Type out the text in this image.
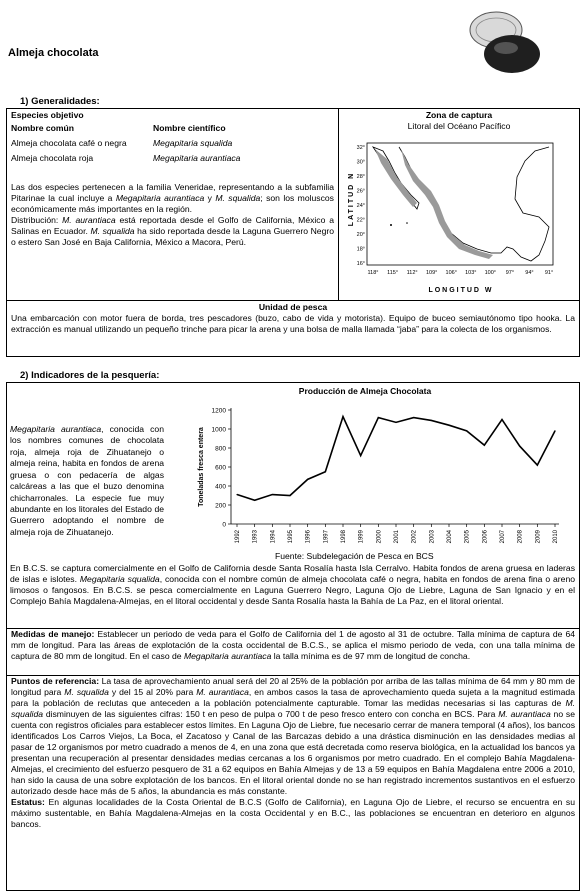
Almeja chocolata
1) Generalidades:
Especies objetivo
Nombre común	Nombre científico
Almeja chocolata café o negra	Megapitaria squalida
Almeja chocolata roja	Megapitaria aurantiaca

Las dos especies pertenecen a la familia Veneridae, representando a la subfamilia Pitarinae la cual incluye a Megapitaria aurantiaca y M. squalida; son los moluscos económicamente más importantes en la región.

Distribución: M. aurantiaca está reportada desde el Golfo de California, México a Salinas en Ecuador. M. squalida ha sido reportada desde la Laguna Guerrero Negro o estero San José en Baja California, México a Macora, Perú.

Zona de captura
Litoral del Océano Pacífico
LATITUD N
32°
30°
28°
26°
24°
22°
20°
18°
16°
118° 115° 112° 109° 106° 103° 100° 97° 94° 91°
LONGITUD W
Unidad de pesca
Una embarcación con motor fuera de borda, tres pescadores (buzo, cabo de vida y motorista). Equipo de buceo semiautónomo tipo hooka. La extracción es manual utilizando un pequeño trinche para picar la arena y una bolsa de malla llamada “jaba” para la colecta de los organismos.
2) Indicadores de la pesquería:

Megapitaria aurantiaca, conocida con los nombres comunes de chocolata roja, almeja roja de Zihuatanejo o almeja reina, habita en fondos de arena gruesa o con pedacería de algas calcáreas a las que el buzo denomina chicharronales. La especie fue muy abundante en los litorales del Estado de Guerrero adoptando el nombre de almeja roja de Zihuatanejo.

Producción de Almeja Chocolata
Toneladas fresca entera
0
200
400
600
800
1000
1200
1992 1993 1994 1995 1996 1997 1998 1999 2000 2001 2002 2003 2004 2005 2006 2007 2008 2009 2010
Fuente: Subdelegación de Pesca en BCS

En B.C.S. se captura comercialmente en el Golfo de California desde Santa Rosalía hasta Isla Cerralvo. Habita fondos de arena gruesa en laderas de islas e islotes. Megapitaria squalida, conocida con el nombre común de almeja chocolata café o negra, habita en fondos de arena fina o areno limosos o fangosos. En B.C.S. se pesca comercialmente en Laguna Guerrero Negro, Laguna Ojo de Liebre, Laguna de San Ignacio y en el Complejo Bahía Magdalena-Almejas, en el litoral occidental y desde Santa Rosalía hasta la Bahía de La Paz, en el litoral oriental.

Medidas de manejo: Establecer un periodo de veda para el Golfo de California del 1 de agosto al 31 de octubre. Talla mínima de captura de 64 mm de longitud. Para las áreas de explotación de la costa occidental de B.C.S., se aplica el mismo periodo de veda, con una talla mínima de captura de 80 mm de longitud. En el caso de Megapitaria aurantiaca la talla mínima es de 97 mm de longitud de concha.

Puntos de referencia: La tasa de aprovechamiento anual será del 20 al 25% de la población por arriba de las tallas mínima de 64 mm y 80 mm de longitud para M. squalida y del 15 al 20% para M. aurantiaca, en ambos casos la tasa de aprovechamiento queda sujeta a la magnitud estimada para la población de reclutas que anteceden a la población potencialmente capturable. Tomar las medidas necesarias si las capturas de M. squalida disminuyen de las siguientes cifras: 150 t en peso de pulpa o 700 t de peso fresco entero con concha en BCS. Para M. aurantiaca no se cuenta con registros oficiales para establecer estos límites. En Laguna Ojo de Liebre, fue necesario cerrar de manera temporal (4 años), los bancos identificados Los Carros Viejos, La Boca, el Zacatoso y Canal de las Barcazas debido a una drástica disminución en las densidades medias al pasar de 12 organismos por metro cuadrado a menos de 4, en una zona que está decretada como reserva biológica, en la actualidad los bancos ya presentan una recuperación al presentar densidades medias cercanas a los 6 organismos por metro cuadrado. En el complejo Bahía Magdalena-Almejas, el crecimiento del esfuerzo pesquero de 31 a 62 equipos en Bahía Almejas y de 13 a 59 equipos en Bahía Magdalena entre 2006 a 2010, han sido la causa de una sobre explotación de los bancos. En el litoral oriental donde no se han registrado incrementos sustantivos en el esfuerzo autorizado desde hace más de 5 años, la abundancia es más constante.

Estatus: En algunas localidades de la Costa Oriental de B.C.S (Golfo de California), en Laguna Ojo de Liebre, el recurso se encuentra en su máximo sustentable, en Bahía Magdalena-Almejas en la costa Occidental y en B.C., las poblaciones se encuentran en deterioro en algunos bancos.
